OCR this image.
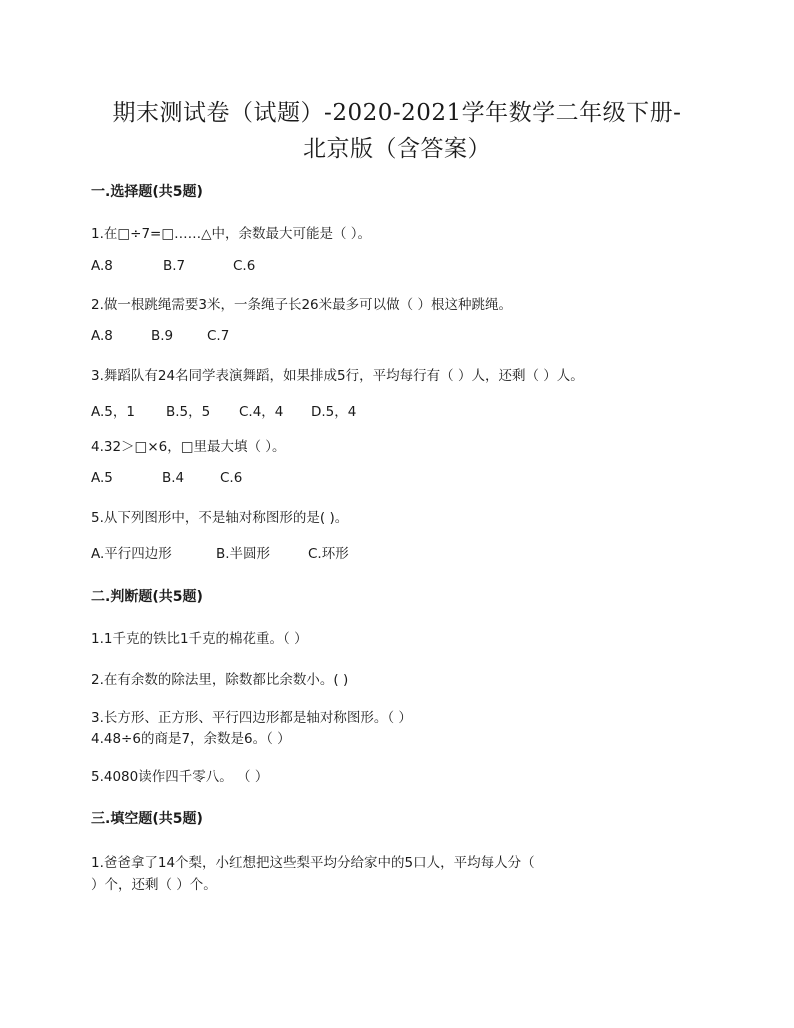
期末测试卷（试题）-2020-2021学年数学二年级下册-
北京版（含答案）
一.选择题(共5题)
1.在□÷7=□……△中，余数最大可能是（ ）。
A.8	B.7	C.6
2.做一根跳绳需要3米，一条绳子长26米最多可以做（ ）根这种跳绳。
A.8	B.9	C.7
3.舞蹈队有24名同学表演舞蹈，如果排成5行，平均每行有（ ）人，还剩（ ）人。
A.5，1 B.5，5 C.4，4 D.5，4
4.32＞□×6，□里最大填（ ）。
A.5	B.4	C.6
5.从下列图形中，不是轴对称图形的是( )。
A.平行四边形	B.半圆形	C.环形
二.判断题(共5题)
1.1千克的铁比1千克的棉花重。（ ）
2.在有余数的除法里，除数都比余数小。( )
3.长方形、正方形、平行四边形都是轴对称图形。（ ）
4.48÷6的商是7，余数是6。（ ）
5.4080读作四千零八。 （ ）
三.填空题(共5题)
1.爸爸拿了14个梨，小红想把这些梨平均分给家中的5口人，平均每人分（
）个，还剩（ ）个。
